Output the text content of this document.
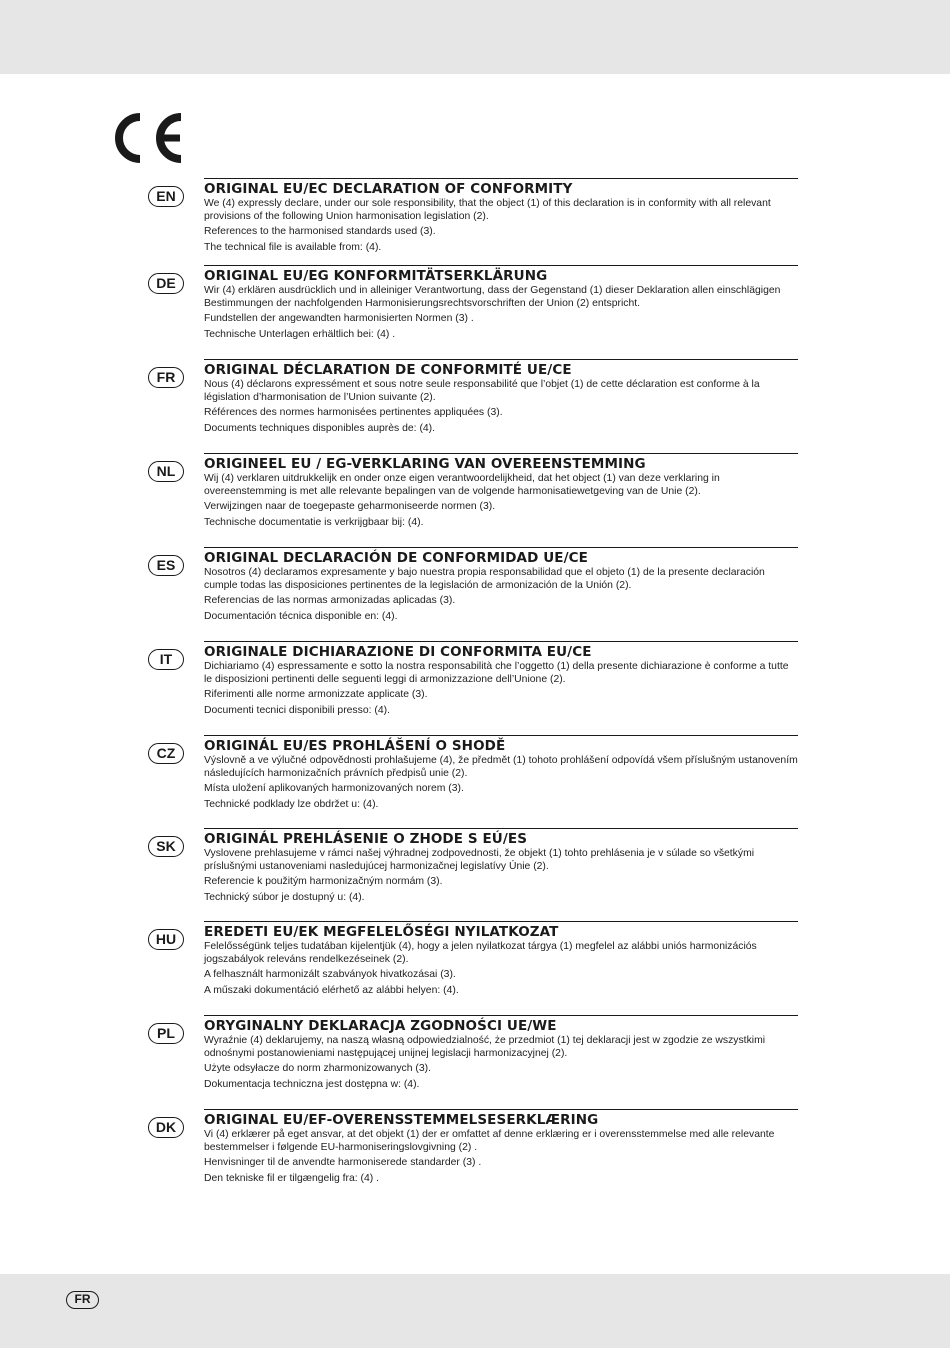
EN	ORIGINAL EU/EC DECLARATION OF CONFORMITY

We (4) expressly declare, under our sole responsibility, that the object (1) of this declaration is in conformity with all relevant provisions of the following Union harmonisation legislation (2).

References to the harmonised standards used (3).

The technical file is available from: (4).

DE	ORIGINAL EU/EG KONFORMITÄTSERKLÄRUNG

Wir (4) erklären ausdrücklich und in alleiniger Verantwortung, dass der Gegenstand (1) dieser Deklaration allen einschlägigen Bestimmungen der nachfolgenden Harmonisierungsrechtsvorschriften der Union (2) entspricht.

Fundstellen der angewandten harmonisierten Normen (3) .

Technische Unterlagen erhältlich bei: (4) .

FR	ORIGINAL DÉCLARATION DE CONFORMITÉ UE/CE

Nous (4) déclarons expressément et sous notre seule responsabilité que l’objet (1) de cette déclaration est conforme à la législation d’harmonisation de l’Union suivante (2).

Références des normes harmonisées pertinentes appliquées (3).

Documents techniques disponibles auprès de: (4).

NL	ORIGINEEL EU / EG-VERKLARING VAN OVEREENSTEMMING

Wij (4) verklaren uitdrukkelijk en onder onze eigen verantwoordelijkheid, dat het object (1) van deze verklaring in overeenstemming is met alle relevante bepalingen van de volgende harmonisatiewetgeving van de Unie (2).

Verwijzingen naar de toegepaste geharmoniseerde normen (3).

Technische documentatie is verkrijgbaar bij: (4).

ES	ORIGINAL DECLARACIÓN DE CONFORMIDAD UE/CE

Nosotros (4) declaramos expresamente y bajo nuestra propia responsabilidad que el objeto (1) de la presente declaración cumple todas las disposiciones pertinentes de la legislación de armonización de la Unión (2).

Referencias de las normas armonizadas aplicadas (3).

Documentación técnica disponible en: (4).

IT	ORIGINALE DICHIARAZIONE DI CONFORMITA EU/CE

Dichiariamo (4) espressamente e sotto la nostra responsabilità che l’oggetto (1) della presente dichiarazione è conforme a tutte le disposizioni pertinenti delle seguenti leggi di armonizzazione dell’Unione (2).

Riferimenti alle norme armonizzate applicate (3).

Documenti tecnici disponibili presso: (4).

CZ	ORIGINÁL EU/ES PROHLÁŠENÍ O SHODĚ

Výslovně a ve výlučné odpovědnosti prohlašujeme (4), že předmět (1) tohoto prohlášení odpovídá všem příslušným ustanovením následujících harmonizačních právních předpisů unie (2).

Místa uložení aplikovaných harmonizovaných norem (3).

Technické podklady lze obdržet u: (4).

SK	ORIGINÁL PREHLÁSENIE O ZHODE S EÚ/ES

Vyslovene prehlasujeme v rámci našej výhradnej zodpovednosti, že objekt (1) tohto prehlásenia je v súlade so všetkými príslušnými ustanoveniami nasledujúcej harmonizačnej legislatívy Únie (2).

Referencie k použitým harmonizačným normám (3).

Technický súbor je dostupný u: (4).

HU	EREDETI EU/EK MEGFELELŐSÉGI NYILATKOZAT

Felelősségünk teljes tudatában kijelentjük (4), hogy a jelen nyilatkozat tárgya (1) megfelel az alábbi uniós harmonizációs jogszabályok releváns rendelkezéseinek (2).

A felhasznált harmonizált szabványok hivatkozásai (3).

A műszaki dokumentáció elérhető az alábbi helyen: (4).

PL	ORYGINALNY DEKLARACJA ZGODNOŚCI UE/WE

Wyraźnie (4) deklarujemy, na naszą własną odpowiedzialność, że przedmiot (1) tej deklaracji jest w zgodzie ze wszystkimi odnośnymi postanowieniami następującej unijnej legislacji harmonizacyjnej (2).

Użyte odsyłacze do norm zharmonizowanych (3).

Dokumentacja techniczna jest dostępna w: (4).

DK	ORIGINAL EU/EF-OVERENSSTEMMELSESERKLÆRING

Vi (4) erklærer på eget ansvar, at det objekt (1) der er omfattet af denne erklæring er i overensstemmelse med alle relevante bestemmelser i følgende EU-harmoniseringslovgivning (2) .

Henvisninger til de anvendte harmoniserede standarder (3) .

Den tekniske fil er tilgængelig fra: (4) .

FR
